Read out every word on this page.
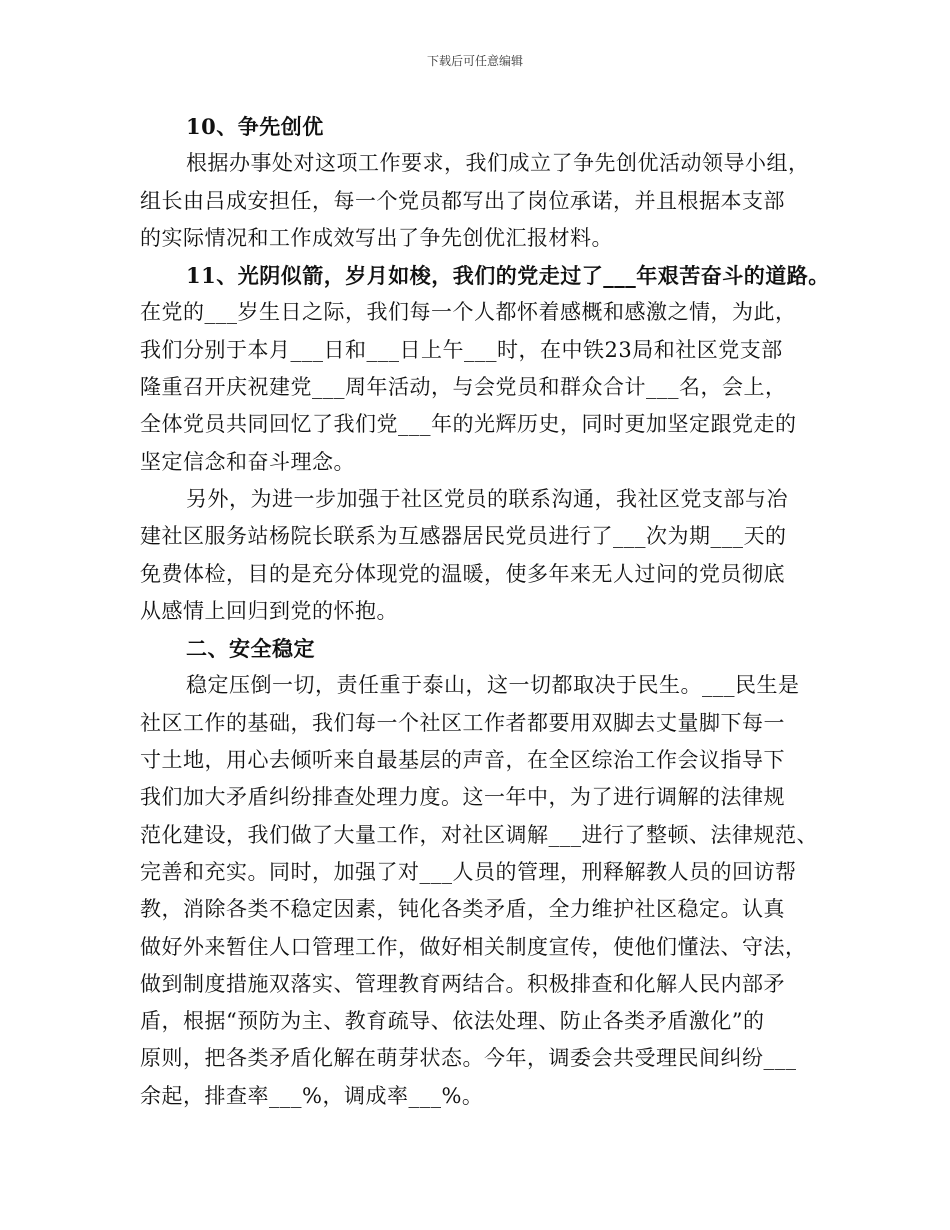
下载后可任意编辑
10、争先创优
根据办事处对这项工作要求，我们成立了争先创优活动领导小组，
组长由吕成安担任，每一个党员都写出了岗位承诺，并且根据本支部
的实际情况和工作成效写出了争先创优汇报材料。
11、光阴似箭，岁月如梭，我们的党走过了___年艰苦奋斗的道路。
在党的___岁生日之际，我们每一个人都怀着感概和感激之情，为此，
我们分别于本月___日和___日上午___时，在中铁23局和社区党支部
隆重召开庆祝建党___周年活动，与会党员和群众合计___名，会上，
全体党员共同回忆了我们党___年的光辉历史，同时更加坚定跟党走的
坚定信念和奋斗理念。
另外，为进一步加强于社区党员的联系沟通，我社区党支部与冶
建社区服务站杨院长联系为互感器居民党员进行了___次为期___天的
免费体检，目的是充分体现党的温暖，使多年来无人过问的党员彻底
从感情上回归到党的怀抱。
二、安全稳定
稳定压倒一切，责任重于泰山，这一切都取决于民生。___民生是
社区工作的基础，我们每一个社区工作者都要用双脚去丈量脚下每一
寸土地，用心去倾听来自最基层的声音，在全区综治工作会议指导下
我们加大矛盾纠纷排查处理力度。这一年中，为了进行调解的法律规
范化建设，我们做了大量工作，对社区调解___进行了整顿、法律规范、
完善和充实。同时，加强了对___人员的管理，刑释解教人员的回访帮
教，消除各类不稳定因素，钝化各类矛盾，全力维护社区稳定。认真
做好外来暂住人口管理工作，做好相关制度宣传，使他们懂法、守法，
做到制度措施双落实、管理教育两结合。积极排查和化解人民内部矛
盾，根据“预防为主、教育疏导、依法处理、防止各类矛盾激化”的
原则，把各类矛盾化解在萌芽状态。今年，调委会共受理民间纠纷___
余起，排查率___%，调成率___%。
